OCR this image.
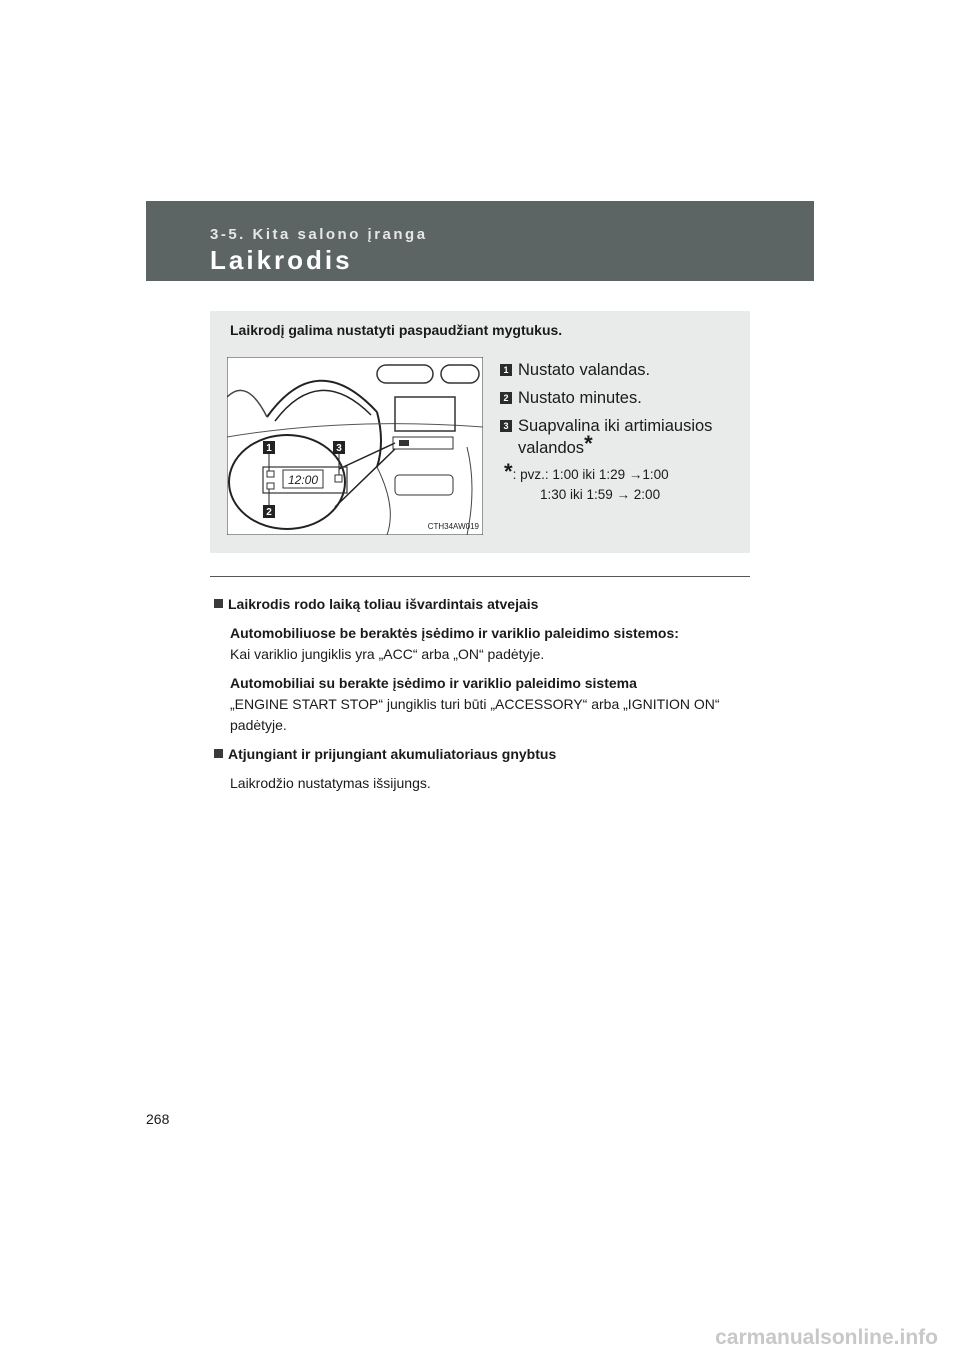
3-5. Kita salono įranga
Laikrodis
Laikrodį galima nustatyti paspaudžiant mygtukus.
12:00
1	3
2
CTH34AW019
1 Nustato valandas.
2 Nustato minutes.
3 Suapvalina iki artimiausios valandos*
*: pvz.: 1:00 iki 1:29 →1:00
1:30 iki 1:59 → 2:00
Laikrodis rodo laiką toliau išvardintais atvejais
Automobiliuose be beraktės įsėdimo ir variklio paleidimo sistemos:
Kai variklio jungiklis yra „ACC“ arba „ON“ padėtyje.
Automobiliai su berakte įsėdimo ir variklio paleidimo sistema
„ENGINE START STOP“ jungiklis turi būti „ACCESSORY“ arba „IGNITION ON“ padėtyje.
Atjungiant ir prijungiant akumuliatoriaus gnybtus
Laikrodžio nustatymas išsijungs.
268
carmanualsonline.info
